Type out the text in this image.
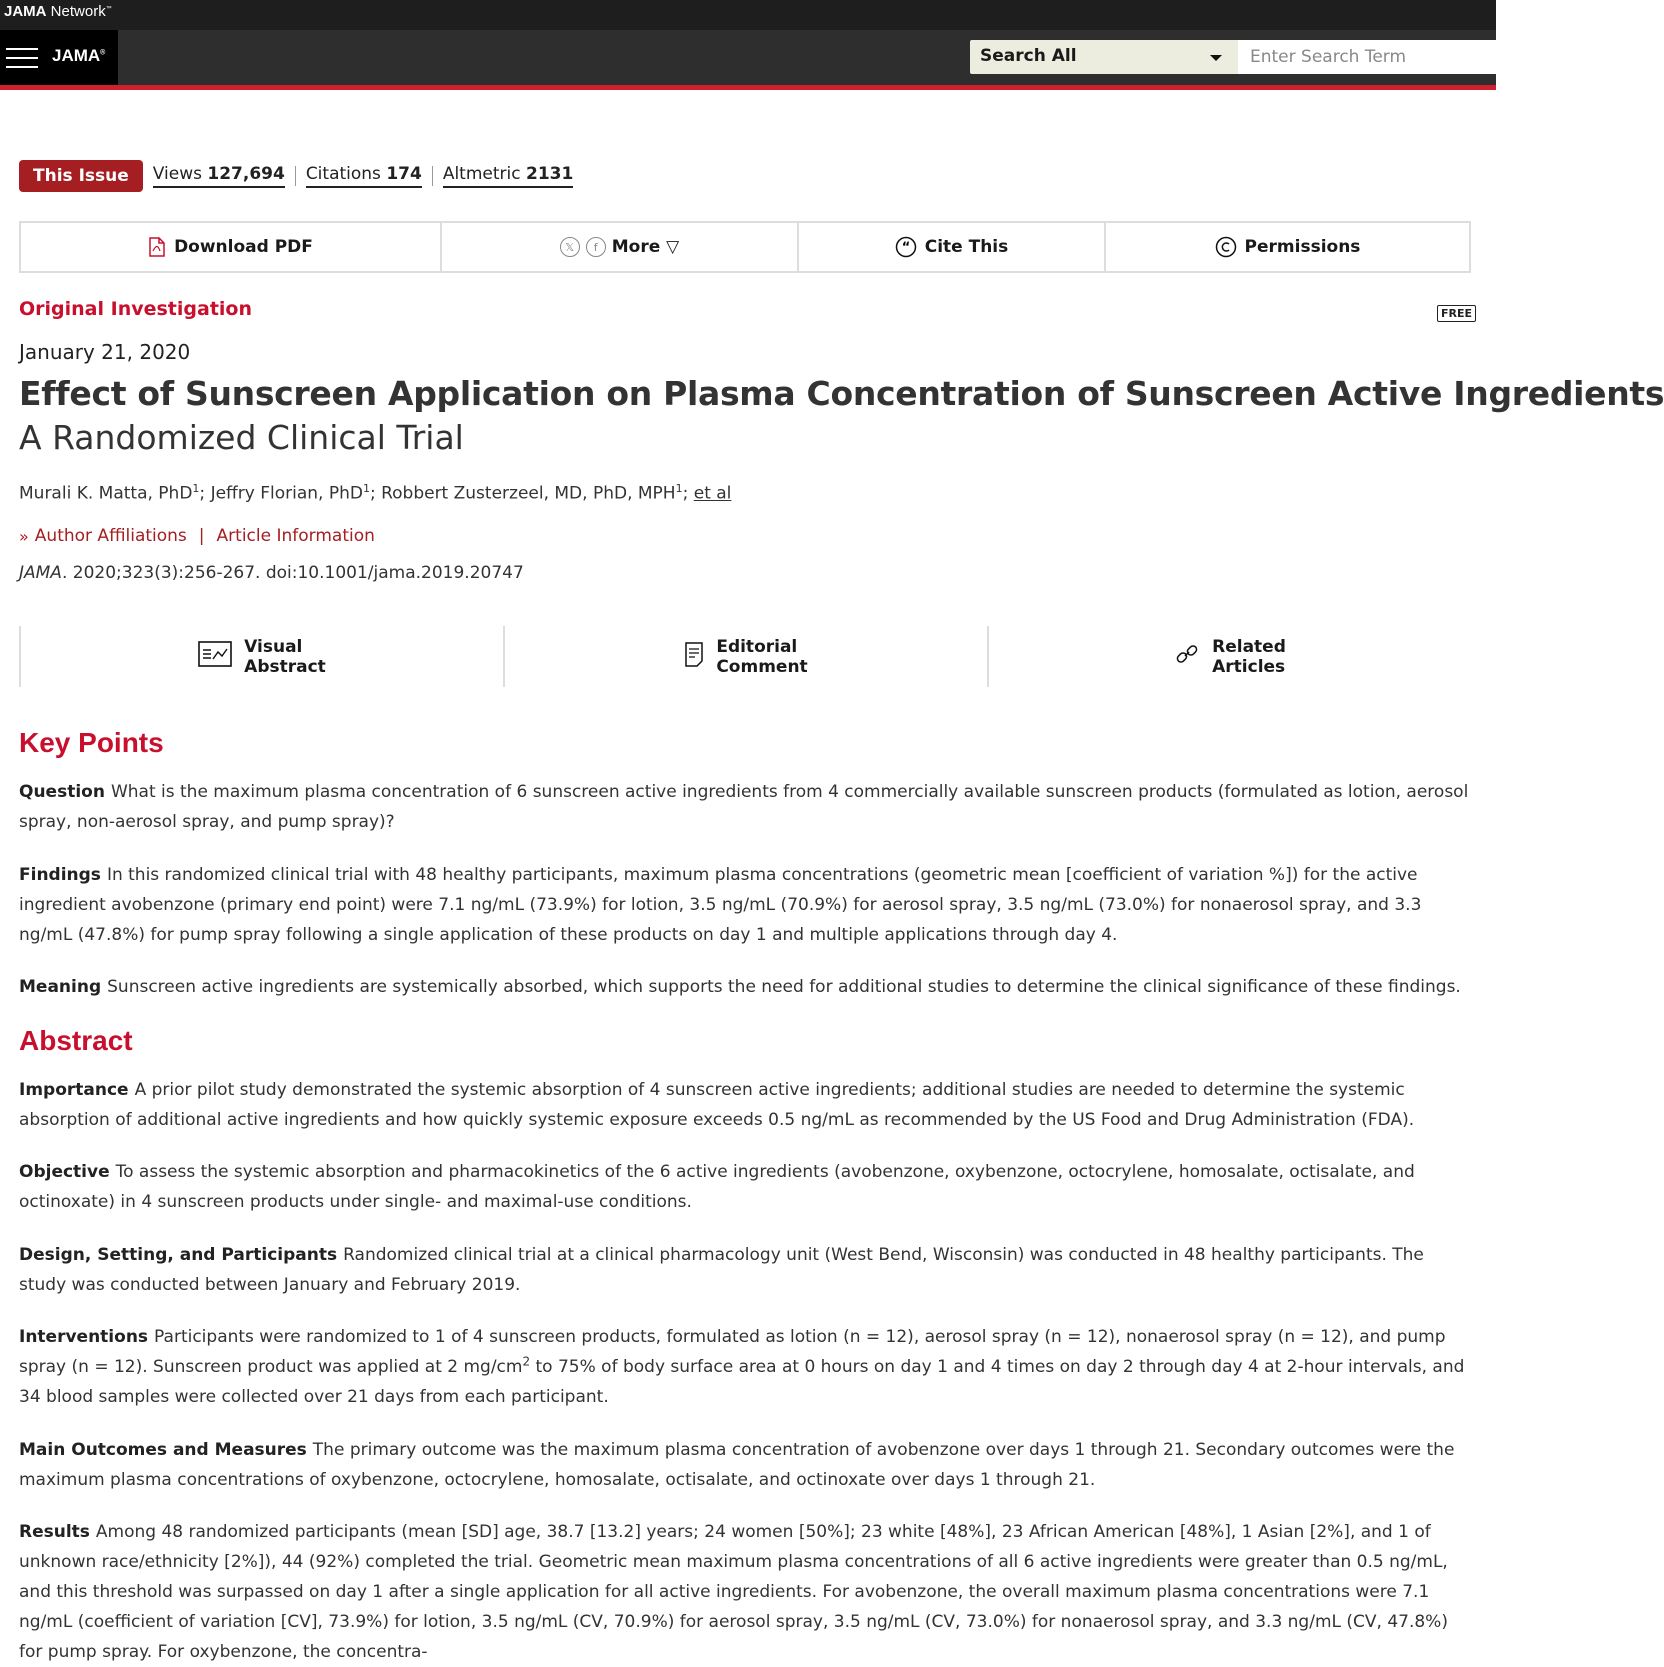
JAMA Network™
JAMA®	Search All
Enter Search Term
This Issue	Views 127,694 Citations 174 Altmetric 2131
Download PDF	𝕏	f More ▽	“ Cite This	Permissions
Original Investigation	FREE
January 21, 2020
Effect of Sunscreen Application on Plasma Concentration of Sunscreen Active Ingredients
A Randomized Clinical Trial
Murali K. Matta, PhD$^1$; Jeffry Florian, PhD$^1$; Robbert Zusterzeel, MD, PhD, MPH$^1$; et al
» Author Affiliations | Article Information
JAMA. 2020;323(3):256-267. doi:10.1001/jama.2019.20747
Visual
Abstract
Editorial
Comment
Related
Articles
Key Points

Question What is the maximum plasma concentration of 6 sunscreen active ingredients from 4 commercially available sunscreen products (formulated as lotion, aerosol spray, non-aerosol spray, and pump spray)?

Findings In this randomized clinical trial with 48 healthy participants, maximum plasma concentrations (geometric mean [coefficient of variation %]) for the active ingredient avobenzone (primary end point) were 7.1 ng/mL (73.9%) for lotion, 3.5 ng/mL (70.9%) for aerosol spray, 3.5 ng/mL (73.0%) for nonaerosol spray, and 3.3 ng/mL (47.8%) for pump spray following a single application of these products on day 1 and multiple applications through day 4.

Meaning Sunscreen active ingredients are systemically absorbed, which supports the need for additional studies to determine the clinical significance of these findings.

Abstract

Importance A prior pilot study demonstrated the systemic absorption of 4 sunscreen active ingredients; additional studies are needed to determine the systemic absorption of additional active ingredients and how quickly systemic exposure exceeds 0.5 ng/mL as recommended by the US Food and Drug Administration (FDA).

Objective To assess the systemic absorption and pharmacokinetics of the 6 active ingredients (avobenzone, oxybenzone, octocrylene, homosalate, octisalate, and octinoxate) in 4 sunscreen products under single- and maximal-use conditions.

Design, Setting, and Participants Randomized clinical trial at a clinical pharmacology unit (West Bend, Wisconsin) was conducted in 48 healthy participants. The study was conducted between January and February 2019.

Interventions Participants were randomized to 1 of 4 sunscreen products, formulated as lotion (n = 12), aerosol spray (n = 12), nonaerosol spray (n = 12), and pump spray (n = 12). Sunscreen product was applied at 2 $mg/cm^2$ to 75% of body surface area at 0 hours on day 1 and 4 times on day 2 through day 4 at 2-hour intervals, and 34 blood samples were collected over 21 days from each participant.

Main Outcomes and Measures The primary outcome was the maximum plasma concentration of avobenzone over days 1 through 21. Secondary outcomes were the maximum plasma concentrations of oxybenzone, octocrylene, homosalate, octisalate, and octinoxate over days 1 through 21.

Results Among 48 randomized participants (mean [SD] age, 38.7 [13.2] years; 24 women [50%]; 23 white [48%], 23 African American [48%], 1 Asian [2%], and 1 of unknown race/ethnicity [2%]), 44 (92%) completed the trial. Geometric mean maximum plasma concentrations of all 6 active ingredients were greater than 0.5 ng/mL, and this threshold was surpassed on day 1 after a single application for all active ingredients. For avobenzone, the overall maximum plasma concentrations were 7.1 ng/mL (coefficient of variation [CV], 73.9%) for lotion, 3.5 ng/mL (CV, 70.9%) for aerosol spray, 3.5 ng/mL (CV, 73.0%) for nonaerosol spray, and 3.3 ng/mL (CV, 47.8%) for pump spray. For oxybenzone, the concentra-
